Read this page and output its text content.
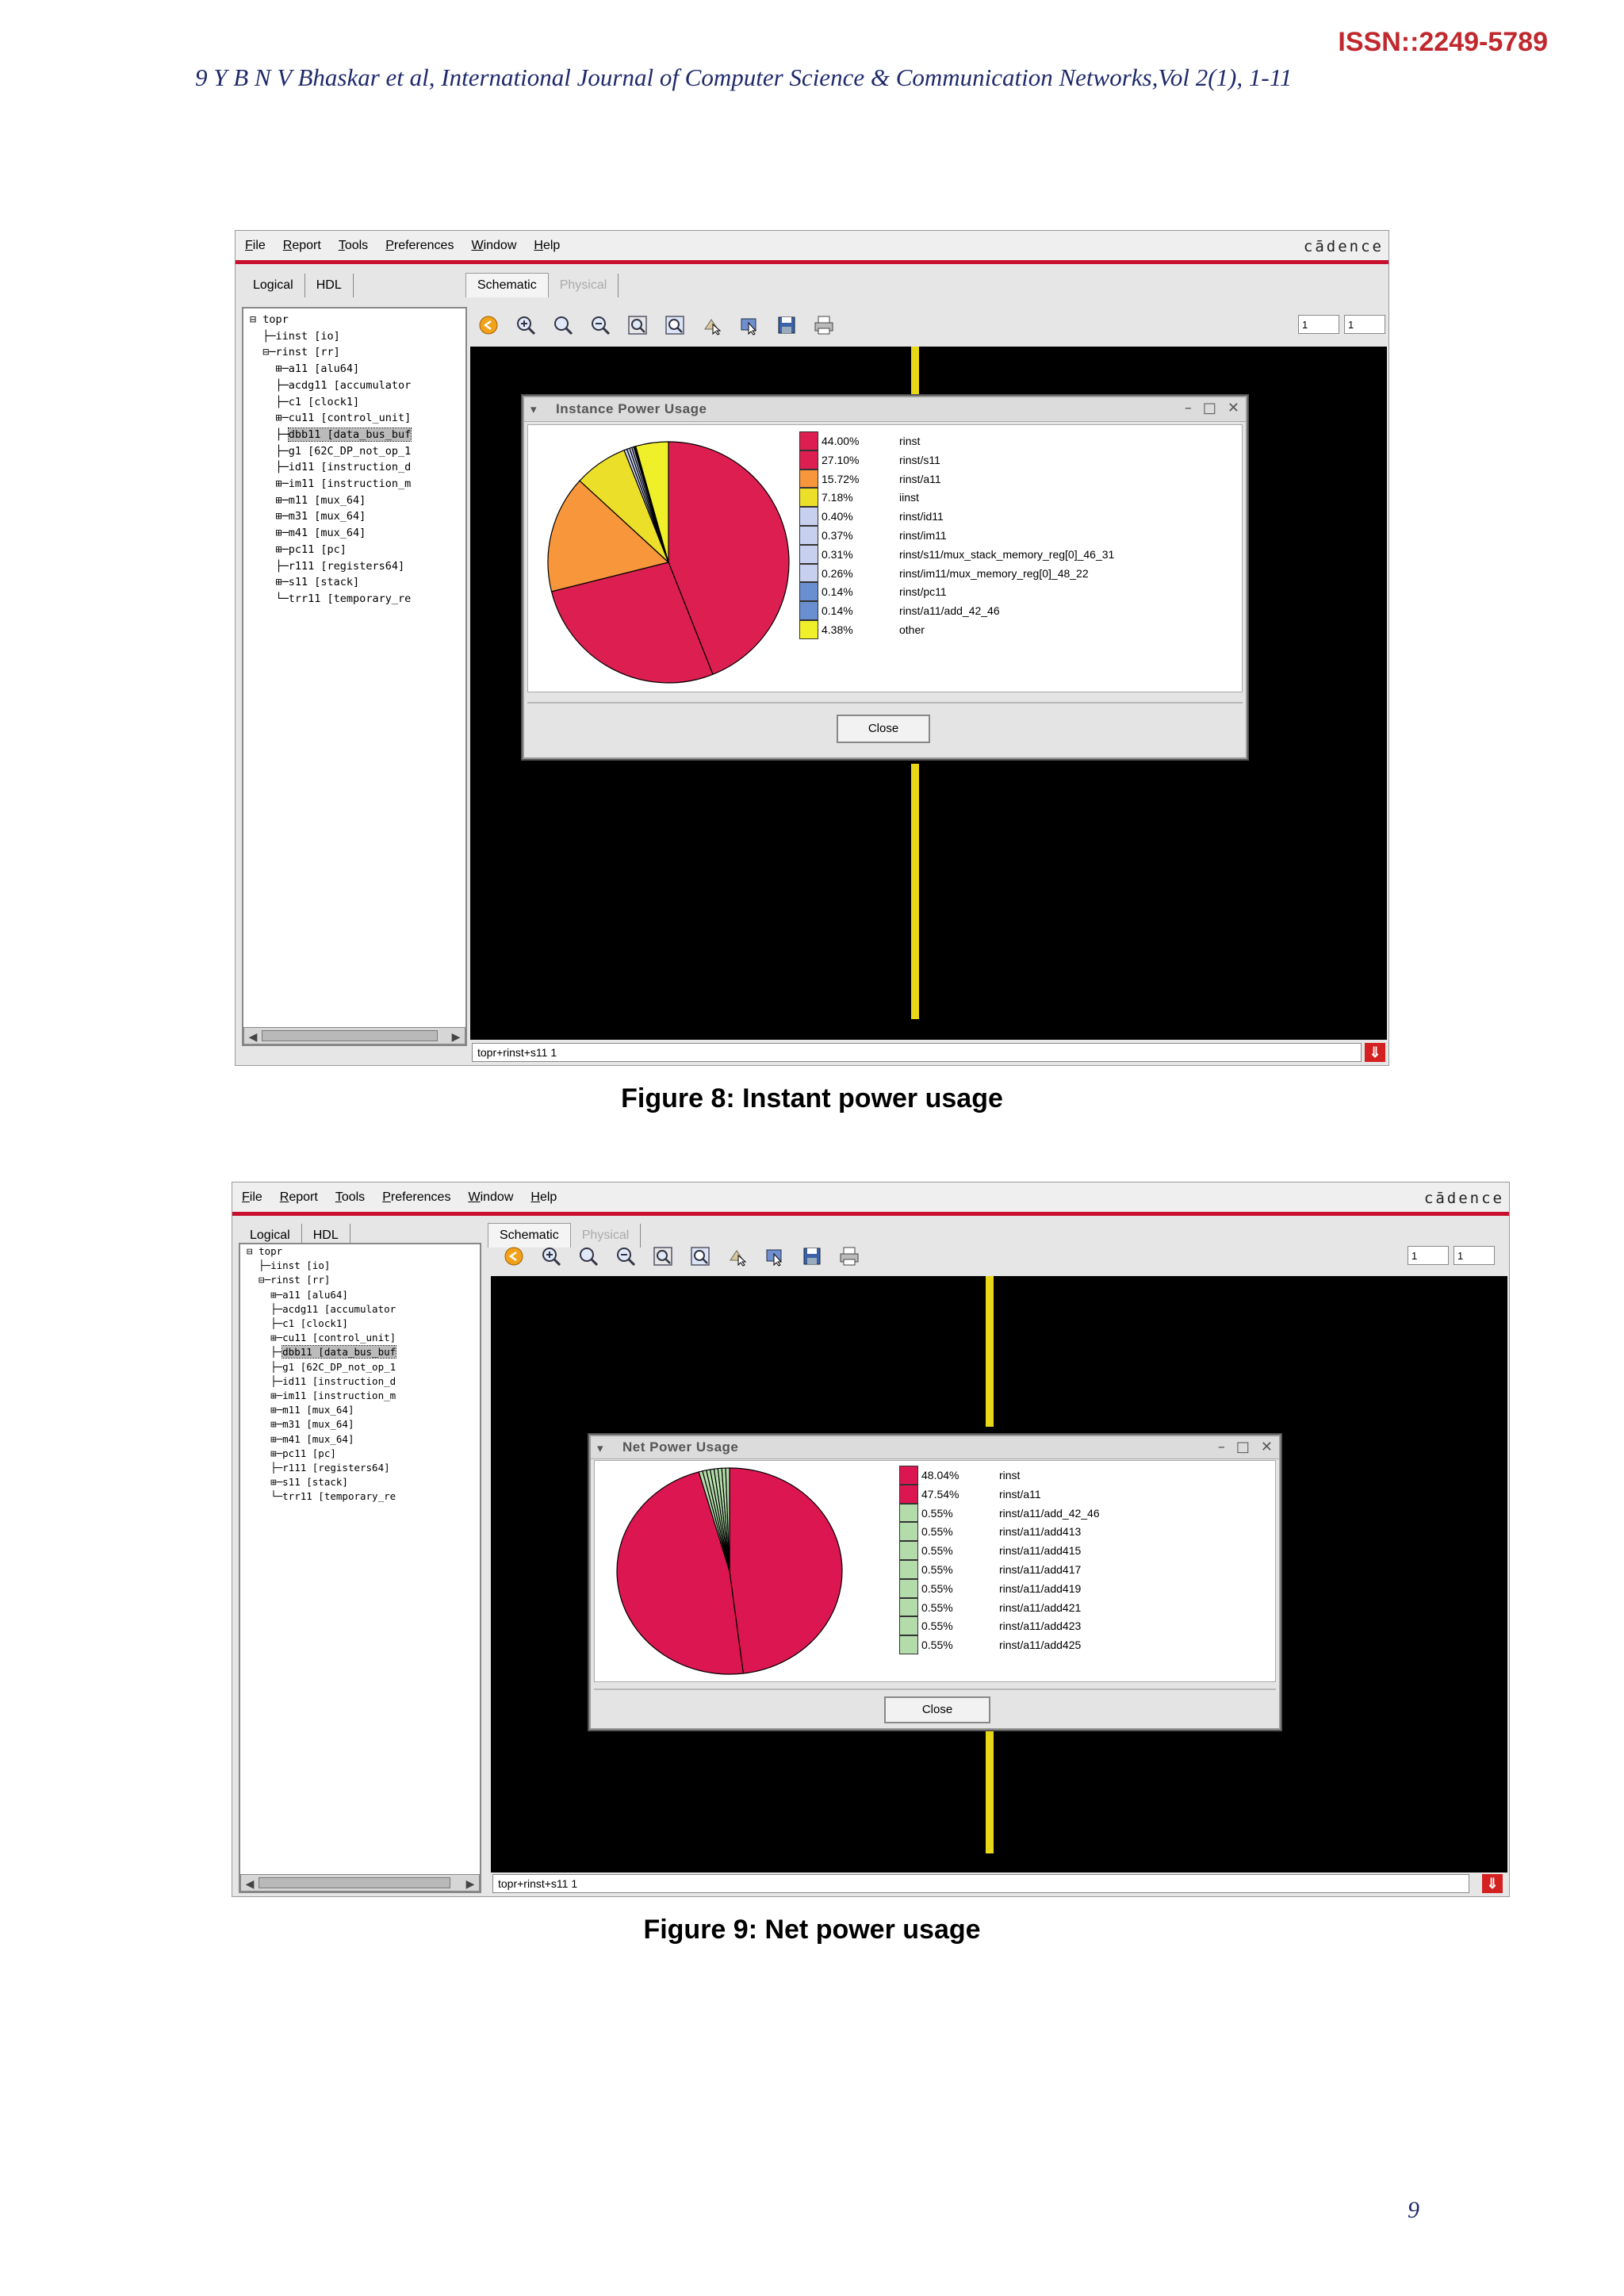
ISSN::2249-5789
9 Y B N V Bhaskar et al, International Journal of Computer Science & Communication Networks,Vol 2(1), 1-11
File Report Tools Preferences Window Help	cādence
Logical	HDL	Schematic	Physical
⊟ topr
├─iinst [io]
⊟─rinst [rr]
⊞─a11 [alu64]
├─acdg11 [accumulator
├─c1 [clock1]
⊞─cu11 [control_unit]
├─dbb11 [data_bus_buf
├─g1 [62C_DP_not_op_1
├─id11 [instruction_d
⊞─im11 [instruction_m
⊞─m11 [mux_64]
⊞─m31 [mux_64]
⊞─m41 [mux_64]
⊞─pc11 [pc]
├─r111 [registers64]
⊞─s11 [stack]
└─trr11 [temporary_re
◀	▶
1	1
topr+rinst+s11 1	⇓
Instance Power Usage
▾	– □ ✕
44.00%	rinst
27.10%	rinst/s11
15.72%	rinst/a11
7.18%	iinst
0.40%	rinst/id11
0.37%	rinst/im11
0.31%	rinst/s11/mux_stack_memory_reg[0]_46_31
0.26%	rinst/im11/mux_memory_reg[0]_48_22
0.14%	rinst/pc11
0.14%	rinst/a11/add_42_46
4.38%	other
Close
Figure 8: Instant power usage
File Report Tools Preferences Window Help	cādence
Logical	HDL	Schematic	Physical
⊟ topr
├─iinst [io]
⊟─rinst [rr]
⊞─a11 [alu64]
├─acdg11 [accumulator
├─c1 [clock1]
⊞─cu11 [control_unit]
├─dbb11 [data_bus_buf
├─g1 [62C_DP_not_op_1
├─id11 [instruction_d
⊞─im11 [instruction_m
⊞─m11 [mux_64]
⊞─m31 [mux_64]
⊞─m41 [mux_64]
⊞─pc11 [pc]
├─r111 [registers64]
⊞─s11 [stack]
└─trr11 [temporary_re
◀	▶
1	1
topr+rinst+s11 1	⇓
Net Power Usage
▾	– □ ✕
48.04%	rinst
47.54%	rinst/a11
0.55%	rinst/a11/add_42_46
0.55%	rinst/a11/add413
0.55%	rinst/a11/add415
0.55%	rinst/a11/add417
0.55%	rinst/a11/add419
0.55%	rinst/a11/add421
0.55%	rinst/a11/add423
0.55%	rinst/a11/add425
Close
Figure 9: Net power usage
9
